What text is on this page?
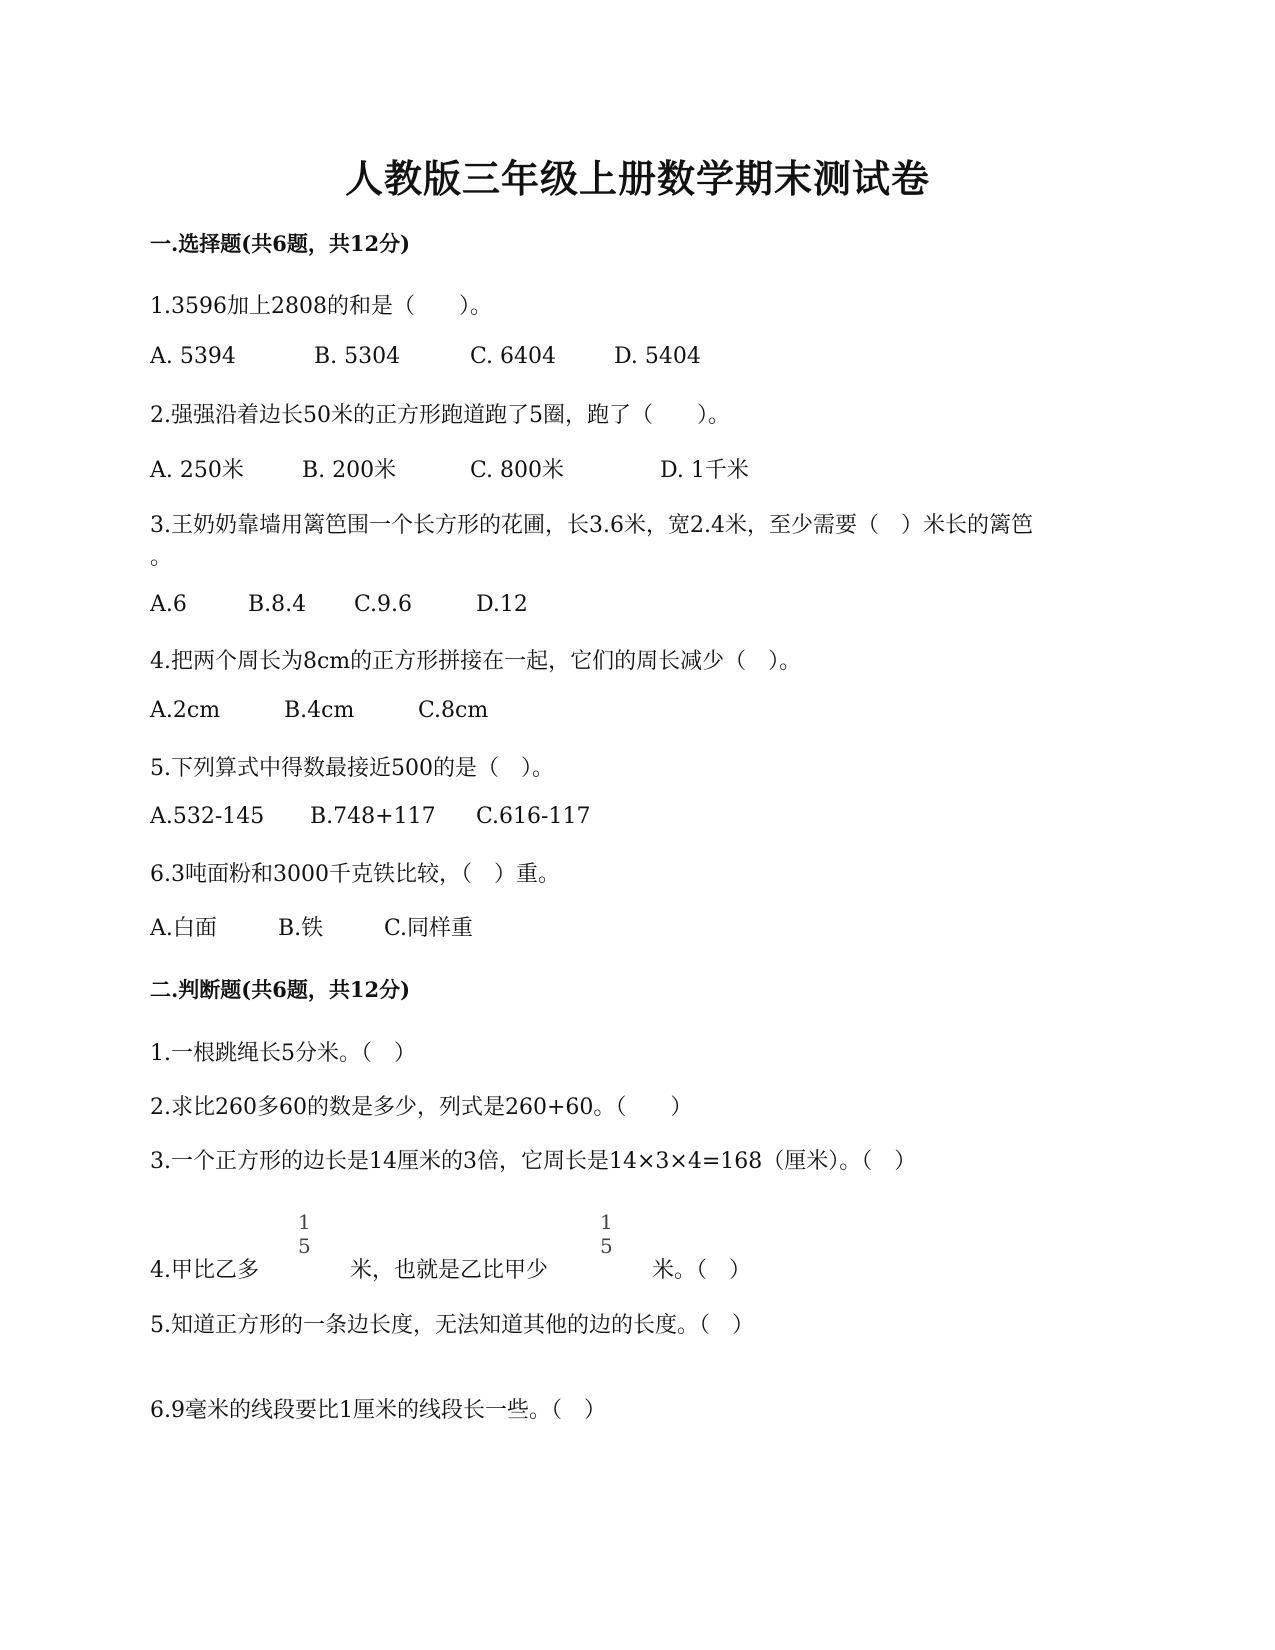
人教版三年级上册数学期末测试卷
一.选择题(共6题，共12分)
1.3596加上2808的和是（　　）。
A. 5394	B. 5304	C. 6404	D. 5404
2.强强沿着边长50米的正方形跑道跑了5圈，跑了（　　）。
A. 250米	B. 200米	C. 800米	D. 1千米
3.王奶奶靠墙用篱笆围一个长方形的花圃，长3.6米，宽2.4米，至少需要（　）米长的篱笆
。
A.6	B.8.4 C.9.6	D.12
4.把两个周长为8cm的正方形拼接在一起，它们的周长减少（　）。
A.2cm	B.4cm	C.8cm
5.下列算式中得数最接近500的是（　）。
A.532-145 B.748+117 C.616-117
6.3吨面粉和3000千克铁比较，（　）重。
A.白面	B.铁	C.同样重
二.判断题(共6题，共12分)
1.一根跳绳长5分米。（　）
2.求比260多60的数是多少，列式是260+60。（　　）
3.一个正方形的边长是14厘米的3倍，它周长是14×3×4=168（厘米）。（　）
4.甲比乙多
1
5
米，也就是乙比甲少
1
5
米。（　）
5.知道正方形的一条边长度，无法知道其他的边的长度。（　）
6.9毫米的线段要比1厘米的线段长一些。（　）
